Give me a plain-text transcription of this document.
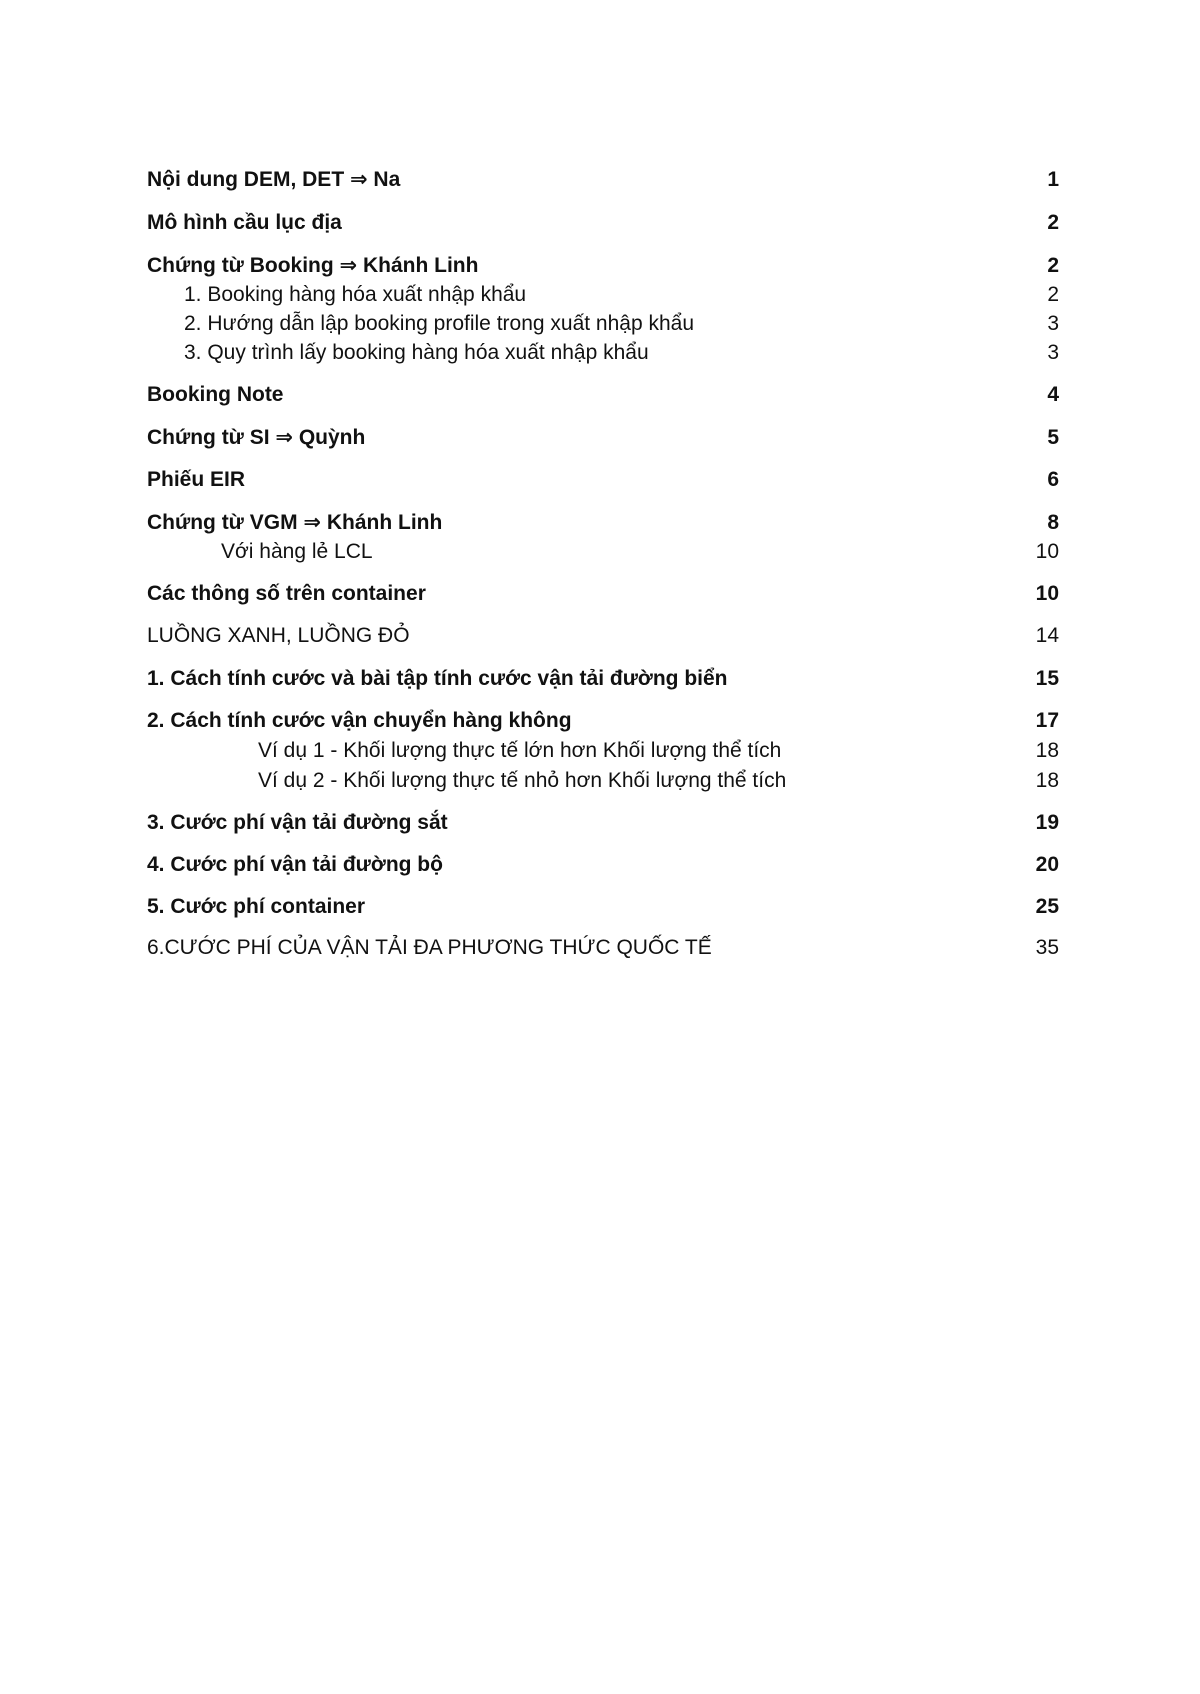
Nội dung DEM, DET ⇒ Na	1
Mô hình cầu lục địa	2
Chứng từ Booking ⇒ Khánh Linh	2
1. Booking hàng hóa xuất nhập khẩu	2
2. Hướng dẫn lập booking profile trong xuất nhập khẩu	3
3. Quy trình lấy booking hàng hóa xuất nhập khẩu	3
Booking Note	4
Chứng từ SI ⇒ Quỳnh	5
Phiếu EIR	6
Chứng từ VGM ⇒ Khánh Linh	8
Với hàng lẻ LCL	10
Các thông số trên container	10
LUỒNG XANH, LUỒNG ĐỎ	14
1. Cách tính cước và bài tập tính cước vận tải đường biển	15
2. Cách tính cước vận chuyển hàng không	17
Ví dụ 1 - Khối lượng thực tế lớn hơn Khối lượng thể tích	18
Ví dụ 2 - Khối lượng thực tế nhỏ hơn Khối lượng thể tích	18
3. Cước phí vận tải đường sắt	19
4. Cước phí vận tải đường bộ	20
5. Cước phí container	25
6.CƯỚC PHÍ CỦA VẬN TẢI ĐA PHƯƠNG THỨC QUỐC TẾ	35
